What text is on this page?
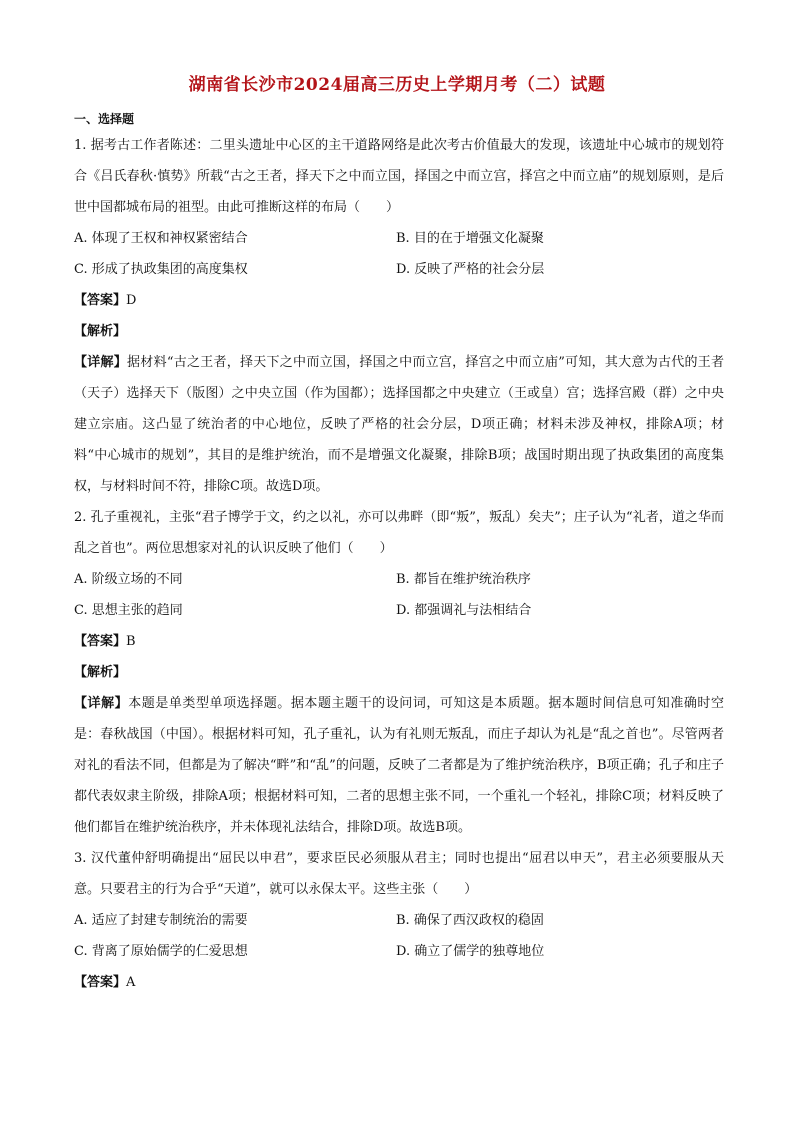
湖南省长沙市2024届高三历史上学期月考（二）试题
一、选择题

1. 据考古工作者陈述：二里头遗址中心区的主干道路网络是此次考古价值最大的发现，该遗址中心城市的规划符合《吕氏春秋·慎势》所载“古之王者，择天下之中而立国，择国之中而立宫，择宫之中而立庙”的规划原则，是后世中国都城布局的祖型。由此可推断这样的布局（　　）

A. 体现了王权和神权紧密结合	B. 目的在于增强文化凝聚
C. 形成了执政集团的高度集权	D. 反映了严格的社会分层

【答案】D

【解析】

【详解】据材料“古之王者，择天下之中而立国，择国之中而立宫，择宫之中而立庙”可知，其大意为古代的王者（天子）选择天下（版图）之中央立国（作为国都）；选择国都之中央建立（王或皇）宫；选择宫殿（群）之中央建立宗庙。这凸显了统治者的中心地位，反映了严格的社会分层，D项正确；材料未涉及神权，排除A项；材料“中心城市的规划”，其目的是维护统治，而不是增强文化凝聚，排除B项；战国时期出现了执政集团的高度集权，与材料时间不符，排除C项。故选D项。

2. 孔子重视礼，主张“君子博学于文，约之以礼，亦可以弗畔（即“叛”，叛乱）矣夫”；庄子认为“礼者，道之华而乱之首也”。两位思想家对礼的认识反映了他们（　　）

A. 阶级立场的不同	B. 都旨在维护统治秩序
C. 思想主张的趋同	D. 都强调礼与法相结合

【答案】B

【解析】

【详解】本题是单类型单项选择题。据本题主题干的设问词，可知这是本质题。据本题时间信息可知准确时空是：春秋战国（中国）。根据材料可知，孔子重礼，认为有礼则无叛乱，而庄子却认为礼是“乱之首也”。尽管两者对礼的看法不同，但都是为了解决“畔”和“乱”的问题，反映了二者都是为了维护统治秩序，B项正确；孔子和庄子都代表奴隶主阶级，排除A项；根据材料可知，二者的思想主张不同，一个重礼一个轻礼，排除C项；材料反映了他们都旨在维护统治秩序，并未体现礼法结合，排除D项。故选B项。

3. 汉代董仲舒明确提出“屈民以申君”，要求臣民必须服从君主；同时也提出“屈君以申天”，君主必须要服从天意。只要君主的行为合乎“天道”，就可以永保太平。这些主张（　　）

A. 适应了封建专制统治的需要	B. 确保了西汉政权的稳固
C. 背离了原始儒学的仁爱思想	D. 确立了儒学的独尊地位

【答案】A
